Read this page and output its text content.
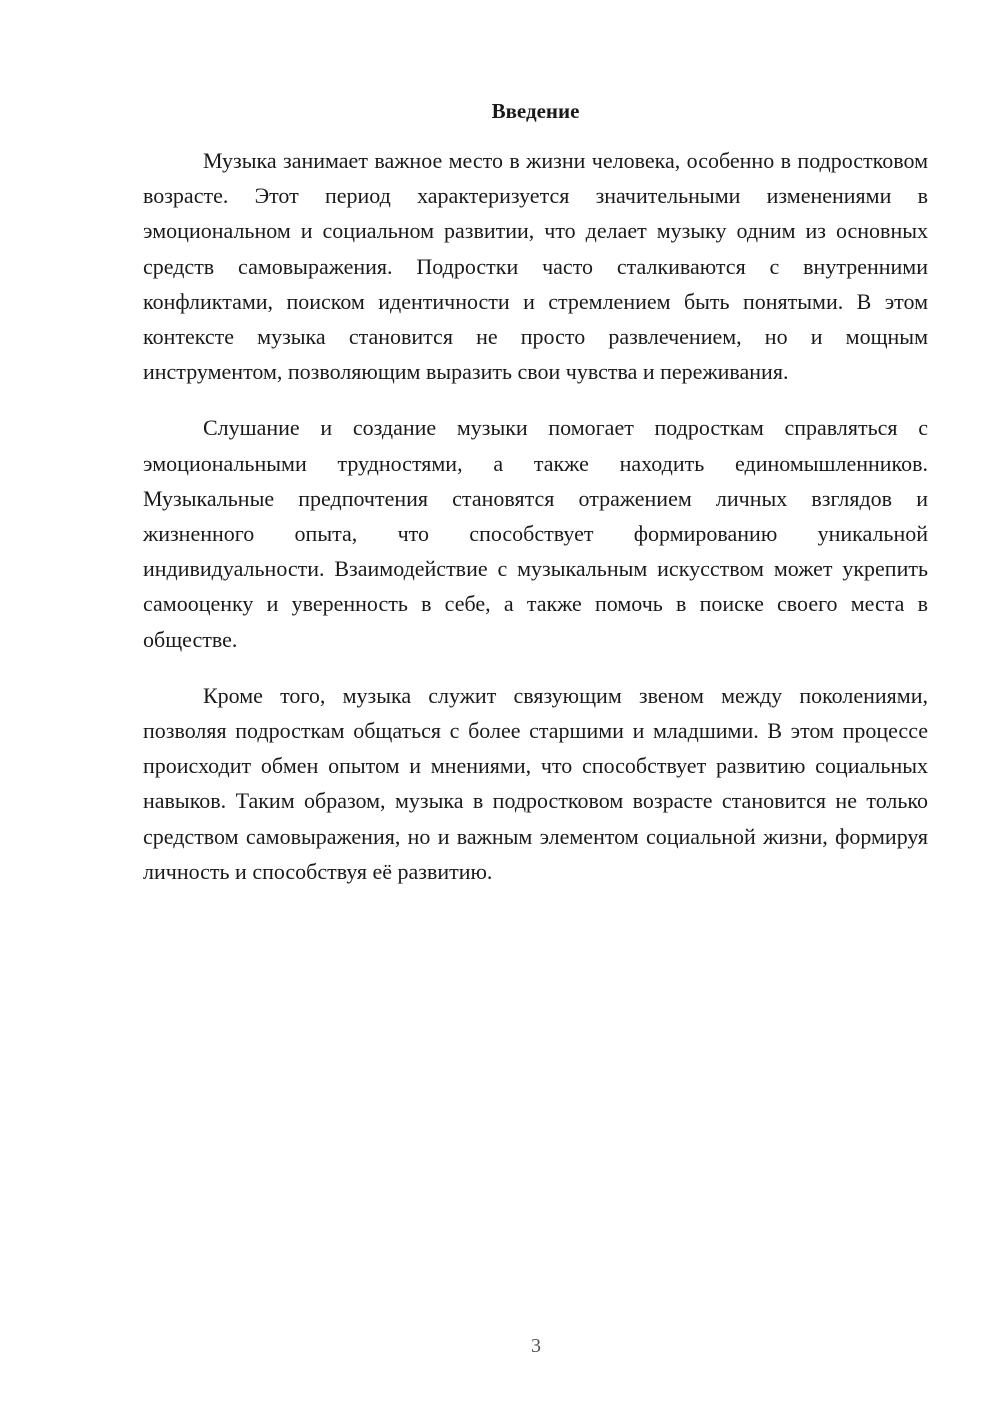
Введение

Музыка занимает важное место в жизни человека, особенно в подростковом возрасте. Этот период характеризуется значительными изменениями в эмоциональном и социальном развитии, что делает музыку одним из основных средств самовыражения. Подростки часто сталкиваются с внутренними конфликтами, поиском идентичности и стремлением быть понятыми. В этом контексте музыка становится не просто развлечением, но и мощным инструментом, позволяющим выразить свои чувства и переживания.

Слушание и создание музыки помогает подросткам справляться с эмоциональными трудностями, а также находить единомышленников. Музыкальные предпочтения становятся отражением личных взглядов и жизненного опыта, что способствует формированию уникальной индивидуальности. Взаимодействие с музыкальным искусством может укрепить самооценку и уверенность в себе, а также помочь в поиске своего места в обществе.

Кроме того, музыка служит связующим звеном между поколениями, позволяя подросткам общаться с более старшими и младшими. В этом процессе происходит обмен опытом и мнениями, что способствует развитию социальных навыков. Таким образом, музыка в подростковом возрасте становится не только средством самовыражения, но и важным элементом социальной жизни, формируя личность и способствуя её развитию.

3
